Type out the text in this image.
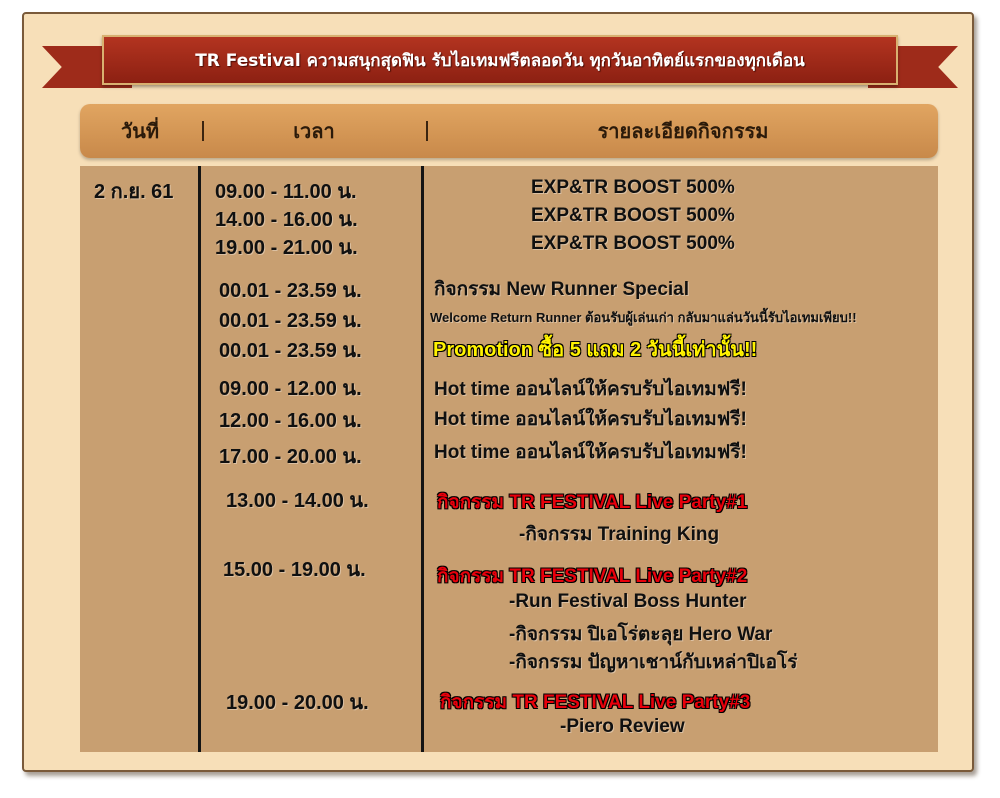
TR Festival ความสนุกสุดฟิน รับไอเทมฟรีตลอดวัน ทุกวันอาทิตย์แรกของทุกเดือน
วันที่	เวลา	รายละเอียดกิจกรรม
2 ก.ย. 61 09.00 - 11.00 น.
14.00 - 16.00 น.
19.00 - 21.00 น.
00.01 - 23.59 น.
00.01 - 23.59 น.
00.01 - 23.59 น.
09.00 - 12.00 น.
12.00 - 16.00 น.
17.00 - 20.00 น.
13.00 - 14.00 น.
15.00 - 19.00 น.
19.00 - 20.00 น.
EXP&TR BOOST 500%
EXP&TR BOOST 500%
EXP&TR BOOST 500%
กิจกรรม New Runner Special
Welcome Return Runner ต้อนรับผู้เล่นเก่า กลับมาแล่นวันนี้รับไอเทมเพียบ!!
Promotion ซื้อ 5 แถม 2 วันนี้เท่านั้น!!
Hot time ออนไลน์ให้ครบรับไอเทมฟรี!
Hot time ออนไลน์ให้ครบรับไอเทมฟรี!
Hot time ออนไลน์ให้ครบรับไอเทมฟรี!
กิจกรรม TR FESTIVAL Live Party#1
-กิจกรรม Training King
กิจกรรม TR FESTIVAL Live Party#2
-Run Festival Boss Hunter
-กิจกรรม ปิเอโร่ตะลุย Hero War
-กิจกรรม ปัญหาเชาน์กับเหล่าปิเอโร่
กิจกรรม TR FESTIVAL Live Party#3
-Piero Review
